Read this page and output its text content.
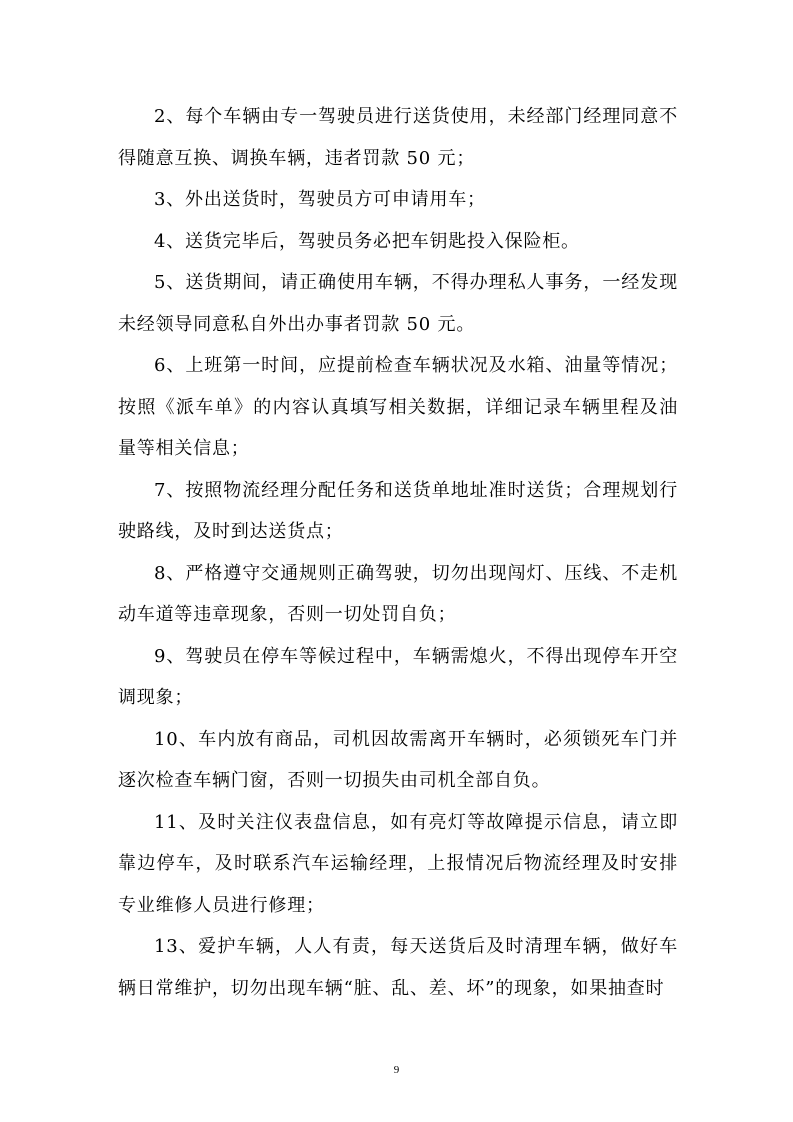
2、每个车辆由专一驾驶员进行送货使用，未经部门经理同意不得随意互换、调换车辆，违者罚款 50 元；

3、外出送货时，驾驶员方可申请用车；

4、送货完毕后，驾驶员务必把车钥匙投入保险柜。

5、送货期间，请正确使用车辆，不得办理私人事务，一经发现未经领导同意私自外出办事者罚款 50 元。

6、上班第一时间，应提前检查车辆状况及水箱、油量等情况；按照《派车单》的内容认真填写相关数据，详细记录车辆里程及油量等相关信息；

7、按照物流经理分配任务和送货单地址准时送货；合理规划行驶路线，及时到达送货点；

8、严格遵守交通规则正确驾驶，切勿出现闯灯、压线、不走机动车道等违章现象，否则一切处罚自负；

9、驾驶员在停车等候过程中，车辆需熄火，不得出现停车开空调现象；

10、车内放有商品，司机因故需离开车辆时，必须锁死车门并逐次检查车辆门窗，否则一切损失由司机全部自负。

11、及时关注仪表盘信息，如有亮灯等故障提示信息，请立即靠边停车，及时联系汽车运输经理，上报情况后物流经理及时安排专业维修人员进行修理；

13、爱护车辆，人人有责，每天送货后及时清理车辆，做好车辆日常维护，切勿出现车辆“脏、乱、差、坏”的现象，如果抽查时

9
